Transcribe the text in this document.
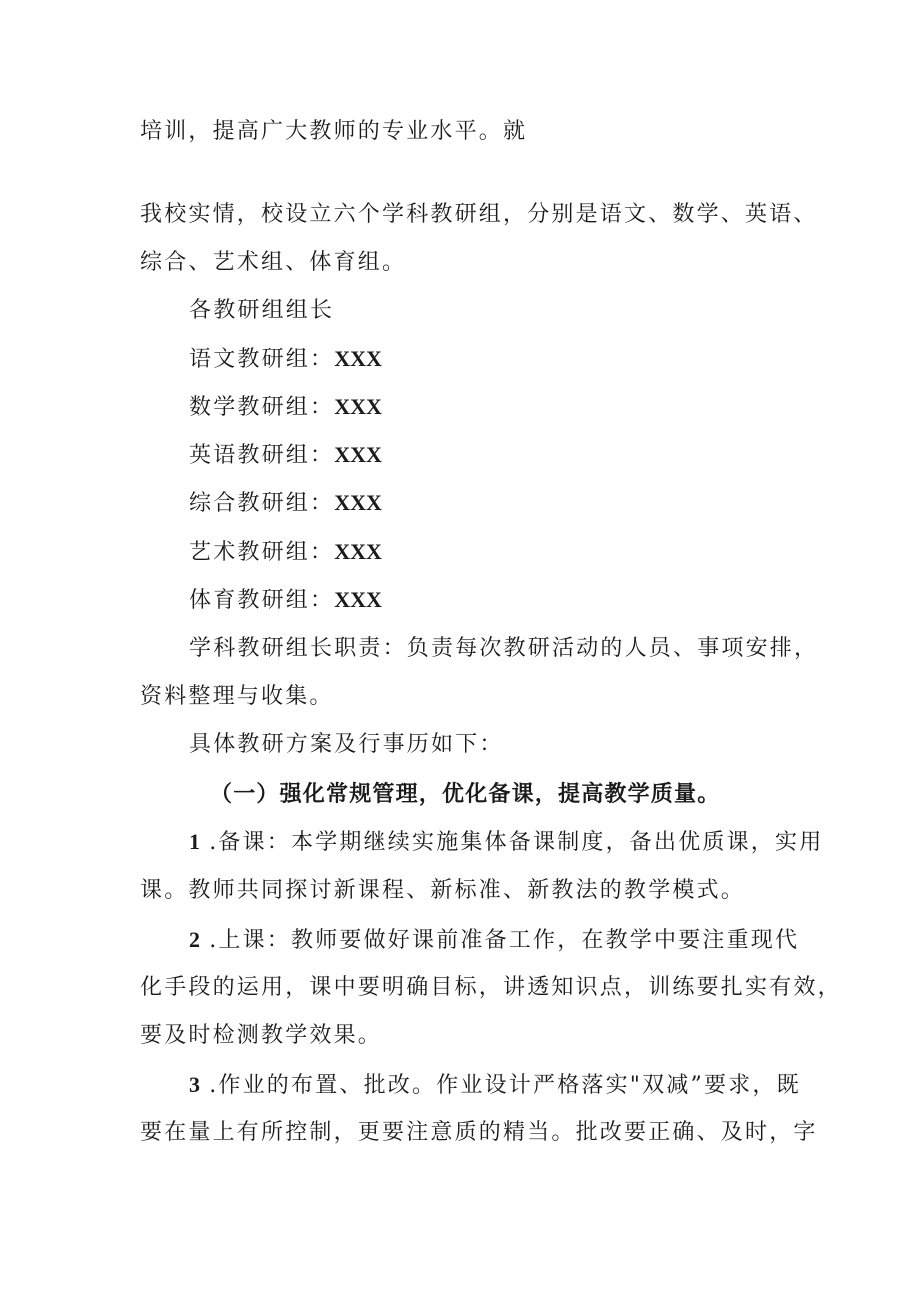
培训，提高广大教师的专业水平。就
我校实情，校设立六个学科教研组，分别是语文、数学、英语、
综合、艺术组、体育组。
各教研组组长
语文教研组：XXX
数学教研组：XXX
英语教研组：XXX
综合教研组：XXX
艺术教研组：XXX
体育教研组：XXX
学科教研组长职责：负责每次教研活动的人员、事项安排，
资料整理与收集。
具体教研方案及行事历如下：
（一）强化常规管理，优化备课，提高教学质量。
1 .备课：本学期继续实施集体备课制度，备出优质课，实用
课。教师共同探讨新课程、新标准、新教法的教学模式。
2 .上课：教师要做好课前准备工作，在教学中要注重现代
化手段的运用，课中要明确目标，讲透知识点，训练要扎实有效，
要及时检测教学效果。
3 .作业的布置、批改。作业设计严格落实"双减”要求，既
要在量上有所控制，更要注意质的精当。批改要正确、及时，字
